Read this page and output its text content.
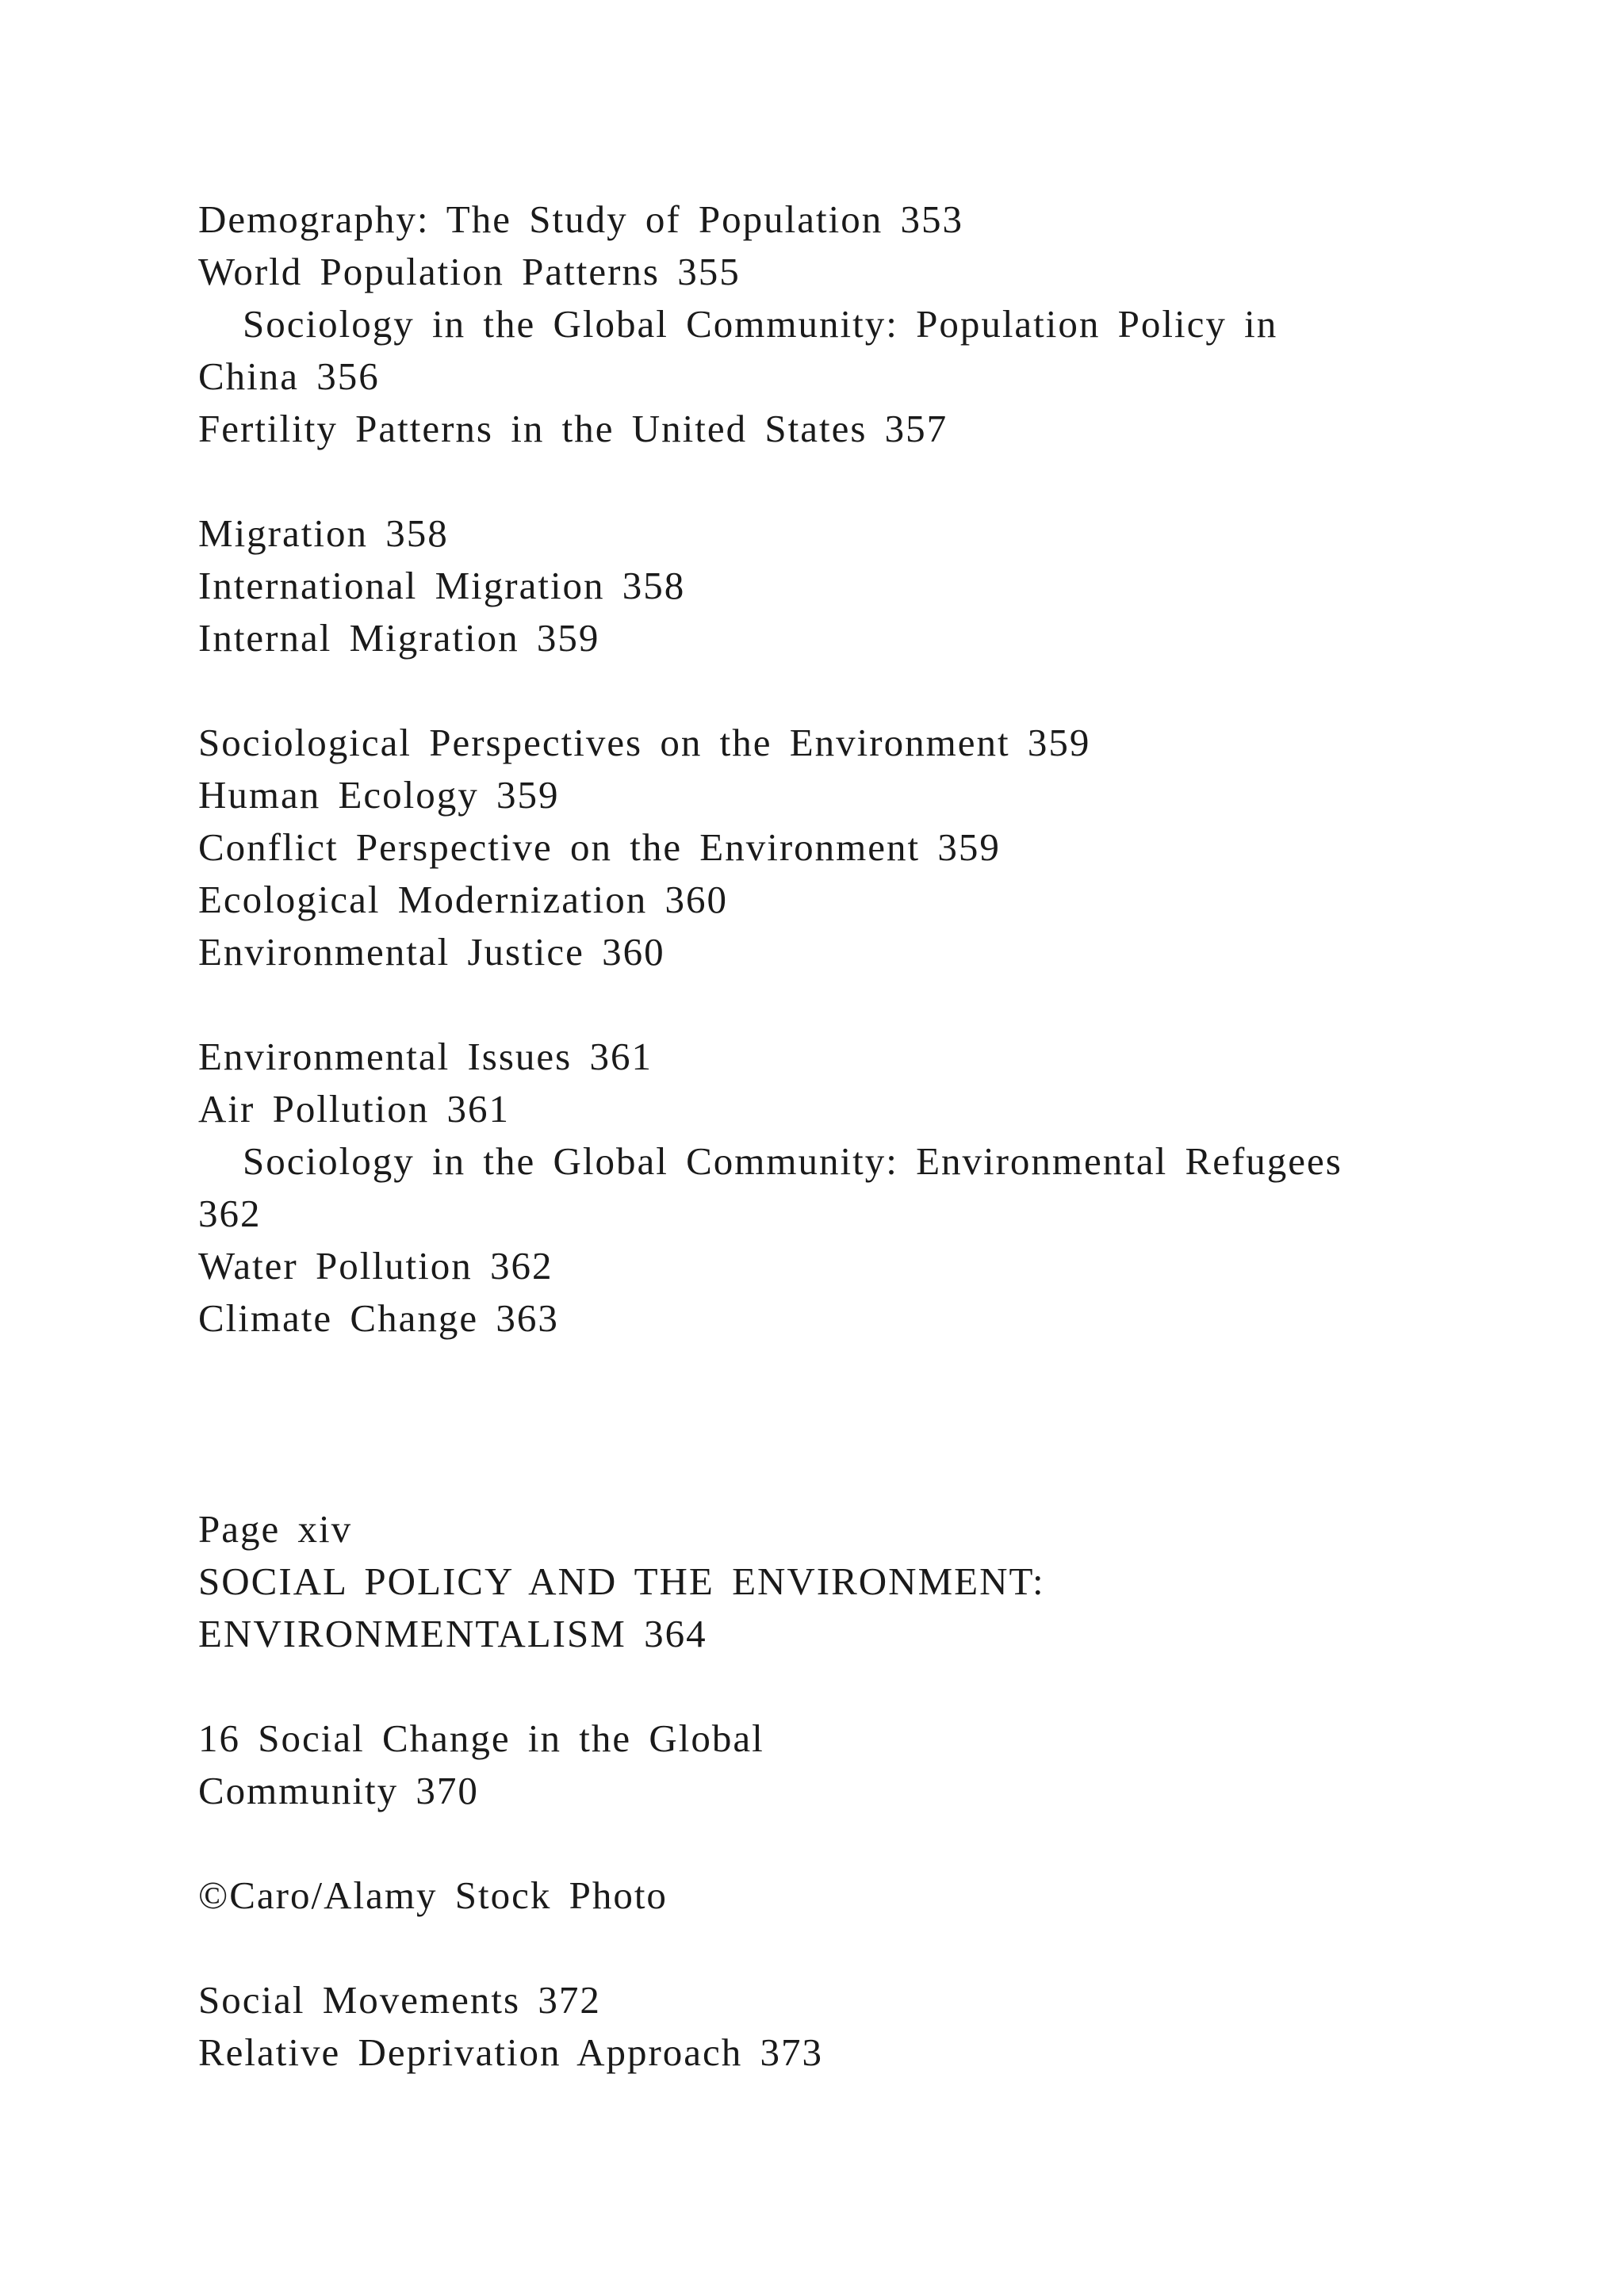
Demography: The Study of Population 353
World Population Patterns 355
Sociology in the Global Community: Population Policy in
China 356
Fertility Patterns in the United States 357
Migration 358
International Migration 358
Internal Migration 359
Sociological Perspectives on the Environment 359
Human Ecology 359
Conflict Perspective on the Environment 359
Ecological Modernization 360
Environmental Justice 360
Environmental Issues 361
Air Pollution 361
Sociology in the Global Community: Environmental Refugees
362
Water Pollution 362
Climate Change 363
Page xiv
SOCIAL POLICY AND THE ENVIRONMENT:
ENVIRONMENTALISM 364
16 Social Change in the Global
Community 370
©Caro/Alamy Stock Photo
Social Movements 372
Relative Deprivation Approach 373
